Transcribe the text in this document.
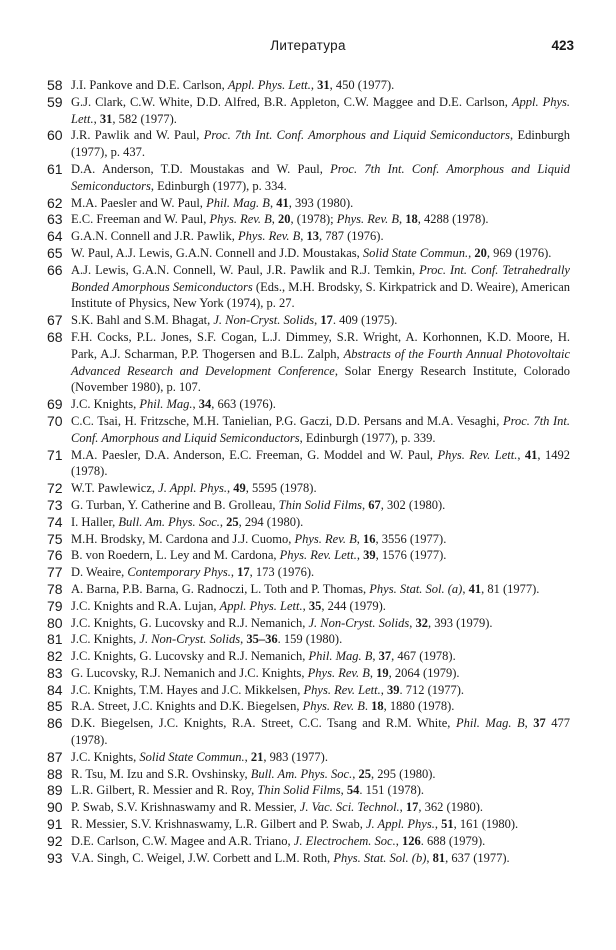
Литература	423
58 J.I. Pankove and D.E. Carlson, Appl. Phys. Lett., 31, 450 (1977).
59 G.J. Clark, C.W. White, D.D. Alfred, B.R. Appleton, C.W. Maggee and D.E. Carlson, Appl. Phys. Lett., 31, 582 (1977).
60 J.R. Pawlik and W. Paul, Proc. 7th Int. Conf. Amorphous and Liquid Semiconductors, Edinburgh (1977), p. 437.
61 D.A. Anderson, T.D. Moustakas and W. Paul, Proc. 7th Int. Conf. Amorphous and Liquid Semiconductors, Edinburgh (1977), p. 334.
62 M.A. Paesler and W. Paul, Phil. Mag. B, 41, 393 (1980).
63 E.C. Freeman and W. Paul, Phys. Rev. B, 20, (1978); Phys. Rev. B, 18, 4288 (1978).
64 G.A.N. Connell and J.R. Pawlik, Phys. Rev. B, 13, 787 (1976).
65 W. Paul, A.J. Lewis, G.A.N. Connell and J.D. Moustakas, Solid State Commun., 20, 969 (1976).
66 A.J. Lewis, G.A.N. Connell, W. Paul, J.R. Pawlik and R.J. Temkin, Proc. Int. Conf. Tetrahedrally Bonded Amorphous Semiconductors (Eds., M.H. Brodsky, S. Kirkpatrick and D. Weaire), American Institute of Physics, New York (1974), p. 27.
67 S.K. Bahl and S.M. Bhagat, J. Non-Cryst. Solids, 17. 409 (1975).
68 F.H. Cocks, P.L. Jones, S.F. Cogan, L.J. Dimmey, S.R. Wright, A. Korhonnen, K.D. Moore, H. Park, A.J. Scharman, P.P. Thogersen and B.L. Zalph, Abstracts of the Fourth Annual Photovoltaic Advanced Research and Development Conference, Solar Energy Research Institute, Colorado (November 1980), p. 107.
69 J.C. Knights, Phil. Mag., 34, 663 (1976).
70 C.C. Tsai, H. Fritzsche, M.H. Tanielian, P.G. Gaczi, D.D. Persans and M.A. Vesaghi, Proc. 7th Int. Conf. Amorphous and Liquid Semiconductors, Edinburgh (1977), p. 339.
71 M.A. Paesler, D.A. Anderson, E.C. Freeman, G. Moddel and W. Paul, Phys. Rev. Lett., 41, 1492 (1978).
72 W.T. Pawlewicz, J. Appl. Phys., 49, 5595 (1978).
73 G. Turban, Y. Catherine and B. Grolleau, Thin Solid Films, 67, 302 (1980).
74 I. Haller, Bull. Am. Phys. Soc., 25, 294 (1980).
75 M.H. Brodsky, M. Cardona and J.J. Cuomo, Phys. Rev. B, 16, 3556 (1977).
76 B. von Roedern, L. Ley and M. Cardona, Phys. Rev. Lett., 39, 1576 (1977).
77 D. Weaire, Contemporary Phys., 17, 173 (1976).
78 A. Barna, P.B. Barna, G. Radnoczi, L. Toth and P. Thomas, Phys. Stat. Sol. (a), 41, 81 (1977).
79 J.C. Knights and R.A. Lujan, Appl. Phys. Lett., 35, 244 (1979).
80 J.C. Knights, G. Lucovsky and R.J. Nemanich, J. Non-Cryst. Solids, 32, 393 (1979).
81 J.C. Knights, J. Non-Cryst. Solids, 35–36. 159 (1980).
82 J.C. Knights, G. Lucovsky and R.J. Nemanich, Phil. Mag. B, 37, 467 (1978).
83 G. Lucovsky, R.J. Nemanich and J.C. Knights, Phys. Rev. B, 19, 2064 (1979).
84 J.C. Knights, T.M. Hayes and J.C. Mikkelsen, Phys. Rev. Lett., 39. 712 (1977).
85 R.A. Street, J.C. Knights and D.K. Biegelsen, Phys. Rev. B. 18, 1880 (1978).
86 D.K. Biegelsen, J.C. Knights, R.A. Street, C.C. Tsang and R.M. White, Phil. Mag. B, 37 477 (1978).
87 J.C. Knights, Solid State Commun., 21, 983 (1977).
88 R. Tsu, M. Izu and S.R. Ovshinsky, Bull. Am. Phys. Soc., 25, 295 (1980).
89 L.R. Gilbert, R. Messier and R. Roy, Thin Solid Films, 54. 151 (1978).
90 P. Swab, S.V. Krishnaswamy and R. Messier, J. Vac. Sci. Technol., 17, 362 (1980).
91 R. Messier, S.V. Krishnaswamy, L.R. Gilbert and P. Swab, J. Appl. Phys., 51, 161 (1980).
92 D.E. Carlson, C.W. Magee and A.R. Triano, J. Electrochem. Soc., 126. 688 (1979).
93 V.A. Singh, C. Weigel, J.W. Corbett and L.M. Roth, Phys. Stat. Sol. (b), 81, 637 (1977).
